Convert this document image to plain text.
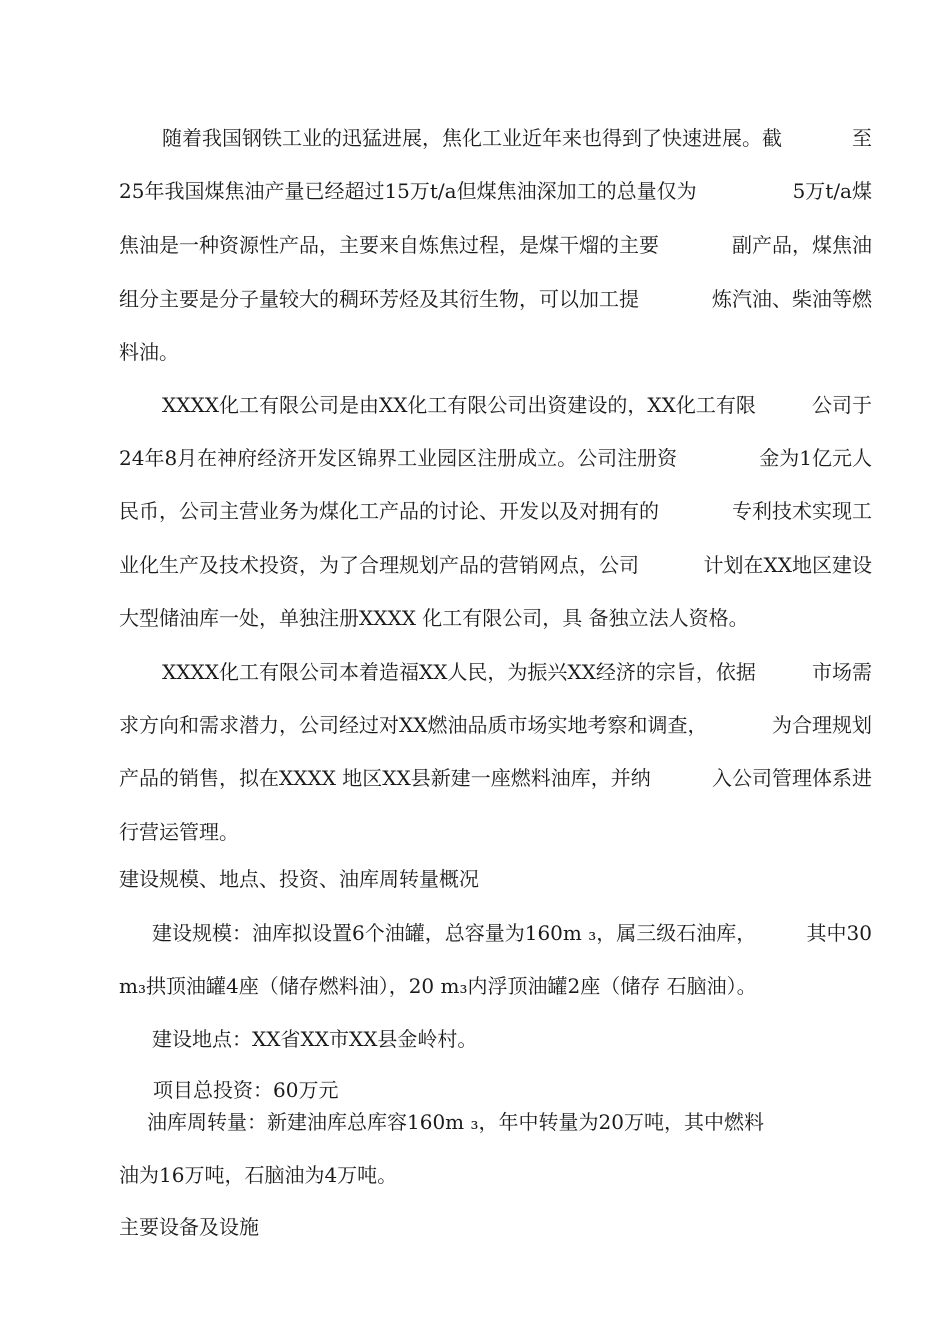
随着我国钢铁工业的迅猛进展，焦化工业近年来也得到了快速进展。截	至
25年我国煤焦油产量已经超过15万t/a但煤焦油深加工的总量仅为	5万t/a煤
焦油是一种资源性产品，主要来自炼焦过程，是煤干熘的主要	副产品，煤焦油
组分主要是分子量较大的稠环芳烃及其衍生物，可以加工提	炼汽油、柴油等燃
料油。
XXXX化工有限公司是由XX化工有限公司出资建设的，XX化工有限	公司于
24年8月在神府经济开发区锦界工业园区注册成立。公司注册资	金为1亿元人
民币，公司主营业务为煤化工产品的讨论、开发以及对拥有的	专利技术实现工
业化生产及技术投资，为了合理规划产品的营销网点，公司	计划在XX地区建设
大型储油库一处，单独注册XXXX 化工有限公司，具 备独立法人资格。
XXXX化工有限公司本着造福XX人民，为振兴XX经济的宗旨，依据	市场需
求方向和需求潜力，公司经过对XX燃油品质市场实地考察和调查，	为合理规划
产品的销售，拟在XXXX 地区XX县新建一座燃料油库，并纳	入公司管理体系进
行营运管理。
建设规模、地点、投资、油库周转量概况
建设规模：油库拟设置6个油罐，总容量为160m ₃，属三级石油库，	其中30
m₃拱顶油罐4座（储存燃料油），20 m₃内浮顶油罐2座（储存 石脑油）。
建设地点：XX省XX市XX县金岭村。
项目总投资：60万元
油库周转量：新建油库总库容160m ₃，年中转量为20万吨，其中燃料
油为16万吨，石脑油为4万吨。
主要设备及设施
